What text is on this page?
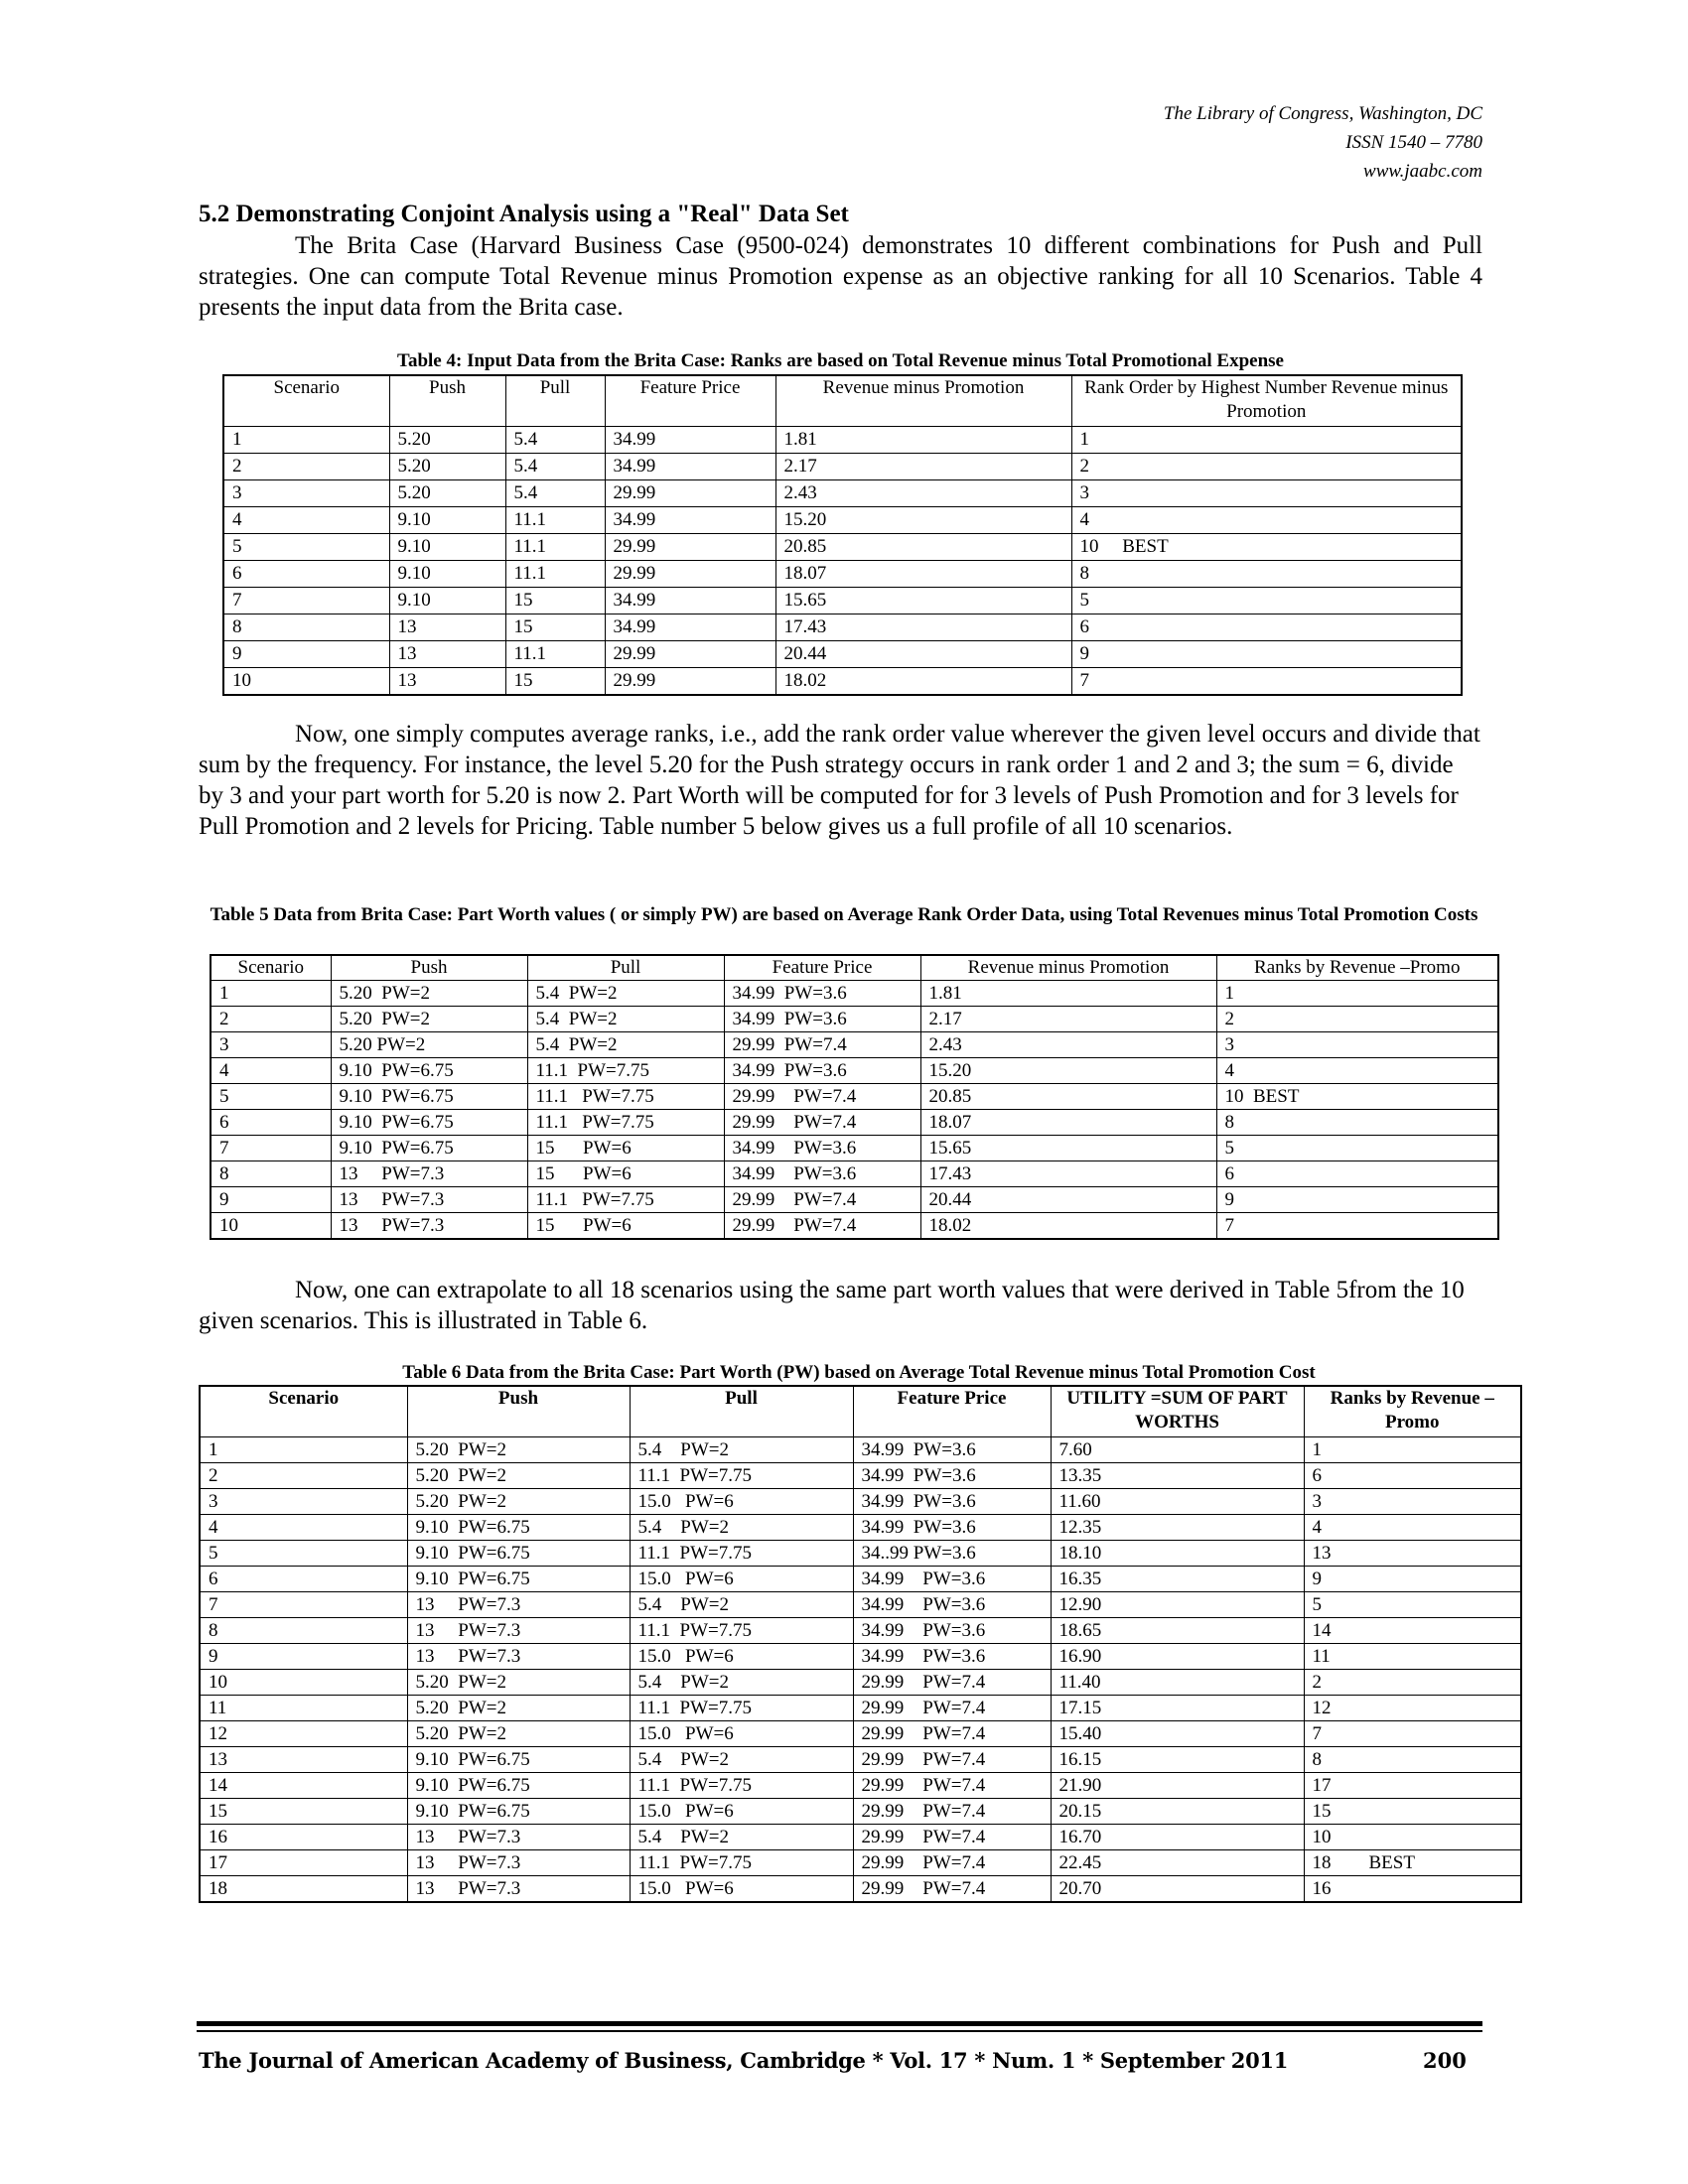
The Library of Congress, Washington, DC
ISSN 1540 – 7780
www.jaabc.com
5.2 Demonstrating Conjoint Analysis using a "Real" Data Set

The Brita Case (Harvard Business Case (9500-024) demonstrates 10 different combinations for Push and Pull strategies. One can compute Total Revenue minus Promotion expense as an objective ranking for all 10 Scenarios. Table 4 presents the input data from the Brita case.

Table 4: Input Data from the Brita Case: Ranks are based on Total Revenue minus Total Promotional Expense
Scenario	Push	Pull	Feature Price	Revenue minus Promotion	Rank Order by Highest Number Revenue minus Promotion
1	5.20	5.4	34.99	1.81	1
2	5.20	5.4	34.99	2.17	2
3	5.20	5.4	29.99	2.43	3
4	9.10	11.1	34.99	15.20	4
5	9.10	11.1	29.99	20.85	10     BEST
6	9.10	11.1	29.99	18.07	8
7	9.10	15	34.99	15.65	5
8	13	15	34.99	17.43	6
9	13	11.1	29.99	20.44	9
10	13	15	29.99	18.02	7

Now, one simply computes average ranks, i.e., add the rank order value wherever the given level occurs and divide that sum by the frequency. For instance, the level 5.20 for the Push strategy occurs in rank order 1 and 2 and 3; the sum = 6, divide by 3 and your part worth for 5.20 is now 2. Part Worth will be computed for for 3 levels of Push Promotion and for 3 levels for Pull Promotion and 2 levels for Pricing. Table number 5 below gives us a full profile of all 10 scenarios.

Table 5 Data from Brita Case: Part Worth values ( or simply PW) are based on Average Rank Order Data, using Total Revenues minus Total Promotion Costs
Scenario	Push	Pull	Feature Price	Revenue minus Promotion	Ranks by Revenue –Promo
1	5.20  PW=2	5.4  PW=2	34.99  PW=3.6	1.81	1
2	5.20  PW=2	5.4  PW=2	34.99  PW=3.6	2.17	2
3	5.20 PW=2	5.4  PW=2	29.99  PW=7.4	2.43	3
4	9.10  PW=6.75	11.1  PW=7.75	34.99  PW=3.6	15.20	4
5	9.10  PW=6.75	11.1   PW=7.75	29.99    PW=7.4	20.85	10  BEST
6	9.10  PW=6.75	11.1   PW=7.75	29.99    PW=7.4	18.07	8
7	9.10  PW=6.75	15      PW=6	34.99    PW=3.6	15.65	5
8	13     PW=7.3	15      PW=6	34.99    PW=3.6	17.43	6
9	13     PW=7.3	11.1   PW=7.75	29.99    PW=7.4	20.44	9
10	13     PW=7.3	15      PW=6	29.99    PW=7.4	18.02	7

Now, one can extrapolate to all 18 scenarios using the same part worth values that were derived in Table 5from the 10 given scenarios. This is illustrated in Table 6.

Table 6 Data from the Brita Case: Part Worth (PW) based on Average Total Revenue minus Total Promotion Cost
Scenario	Push	Pull	Feature Price	UTILITY =SUM OF PART WORTHS	Ranks by Revenue – Promo
1	5.20  PW=2	5.4    PW=2	34.99  PW=3.6	7.60	1
2	5.20  PW=2	11.1  PW=7.75	34.99  PW=3.6	13.35	6
3	5.20  PW=2	15.0   PW=6	34.99  PW=3.6	11.60	3
4	9.10  PW=6.75	5.4    PW=2	34.99  PW=3.6	12.35	4
5	9.10  PW=6.75	11.1  PW=7.75	34..99 PW=3.6	18.10	13
6	9.10  PW=6.75	15.0   PW=6	34.99    PW=3.6	16.35	9
7	13     PW=7.3	5.4    PW=2	34.99    PW=3.6	12.90	5
8	13     PW=7.3	11.1  PW=7.75	34.99    PW=3.6	18.65	14
9	13     PW=7.3	15.0   PW=6	34.99    PW=3.6	16.90	11
10	5.20  PW=2	5.4    PW=2	29.99    PW=7.4	11.40	2
11	5.20  PW=2	11.1  PW=7.75	29.99    PW=7.4	17.15	12
12	5.20  PW=2	15.0   PW=6	29.99    PW=7.4	15.40	7
13	9.10  PW=6.75	5.4    PW=2	29.99    PW=7.4	16.15	8
14	9.10  PW=6.75	11.1  PW=7.75	29.99    PW=7.4	21.90	17
15	9.10  PW=6.75	15.0   PW=6	29.99    PW=7.4	20.15	15
16	13     PW=7.3	5.4    PW=2	29.99    PW=7.4	16.70	10
17	13     PW=7.3	11.1  PW=7.75	29.99    PW=7.4	22.45	18        BEST
18	13     PW=7.3	15.0   PW=6	29.99    PW=7.4	20.70	16
The Journal of American Academy of Business, Cambridge * Vol. 17 * Num. 1 * September 2011	200
